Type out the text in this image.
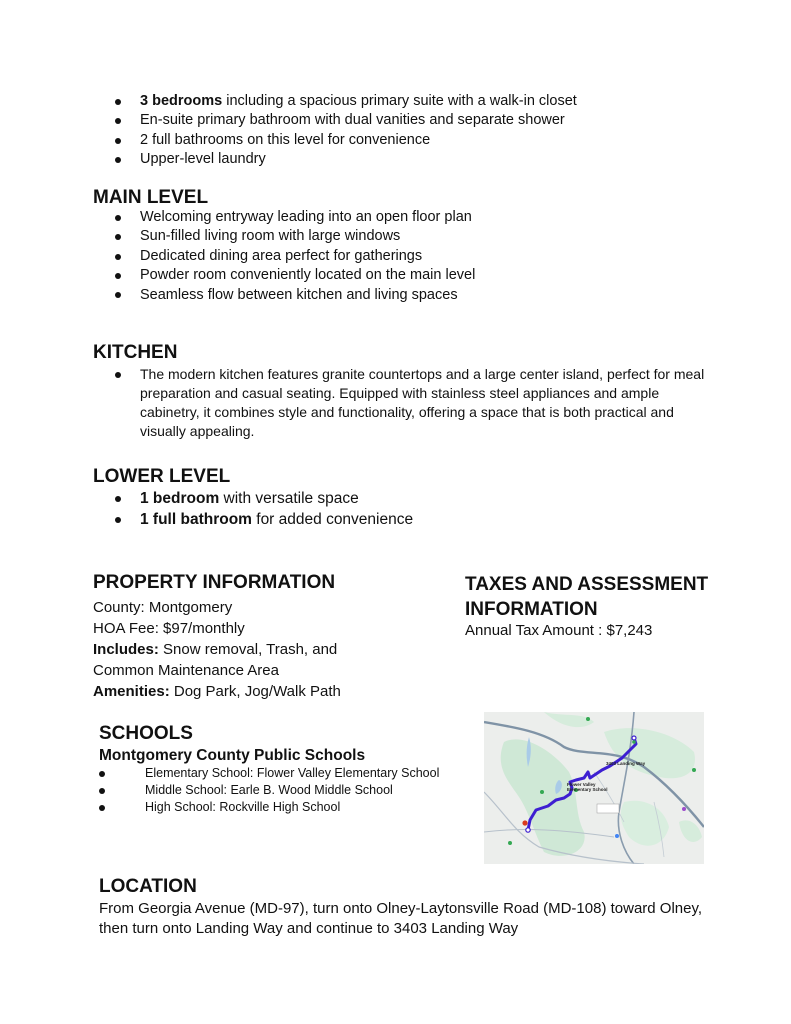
3 bedrooms including a spacious primary suite with a walk-in closet
En-suite primary bathroom with dual vanities and separate shower
2 full bathrooms on this level for convenience
Upper-level laundry
MAIN LEVEL
Welcoming entryway leading into an open floor plan
Sun-filled living room with large windows
Dedicated dining area perfect for gatherings
Powder room conveniently located on the main level
Seamless flow between kitchen and living spaces
KITCHEN
The modern kitchen features granite countertops and a large center island, perfect for meal
preparation and casual seating. Equipped with stainless steel appliances and ample
cabinetry, it combines style and functionality, offering a space that is both practical and
visually appealing.
LOWER LEVEL
1 bedroom with versatile space
1 full bathroom for added convenience
PROPERTY INFORMATION
County: Montgomery
HOA Fee: $97/monthly
Includes: Snow removal, Trash, and
Common Maintenance Area
Amenities: Dog Park, Jog/Walk Path
TAXES AND ASSESSMENT
INFORMATION
Annual Tax Amount : $7,243
SCHOOLS
Montgomery County Public Schools
Elementary School: Flower Valley Elementary School
Middle School: Earle B. Wood Middle School
High School: Rockville High School
3403 Landing Way
Flower Valley
Elementary School
LOCATION
From Georgia Avenue (MD-97), turn onto Olney-Laytonsville Road (MD-108) toward Olney,
then turn onto Landing Way and continue to 3403 Landing Way
